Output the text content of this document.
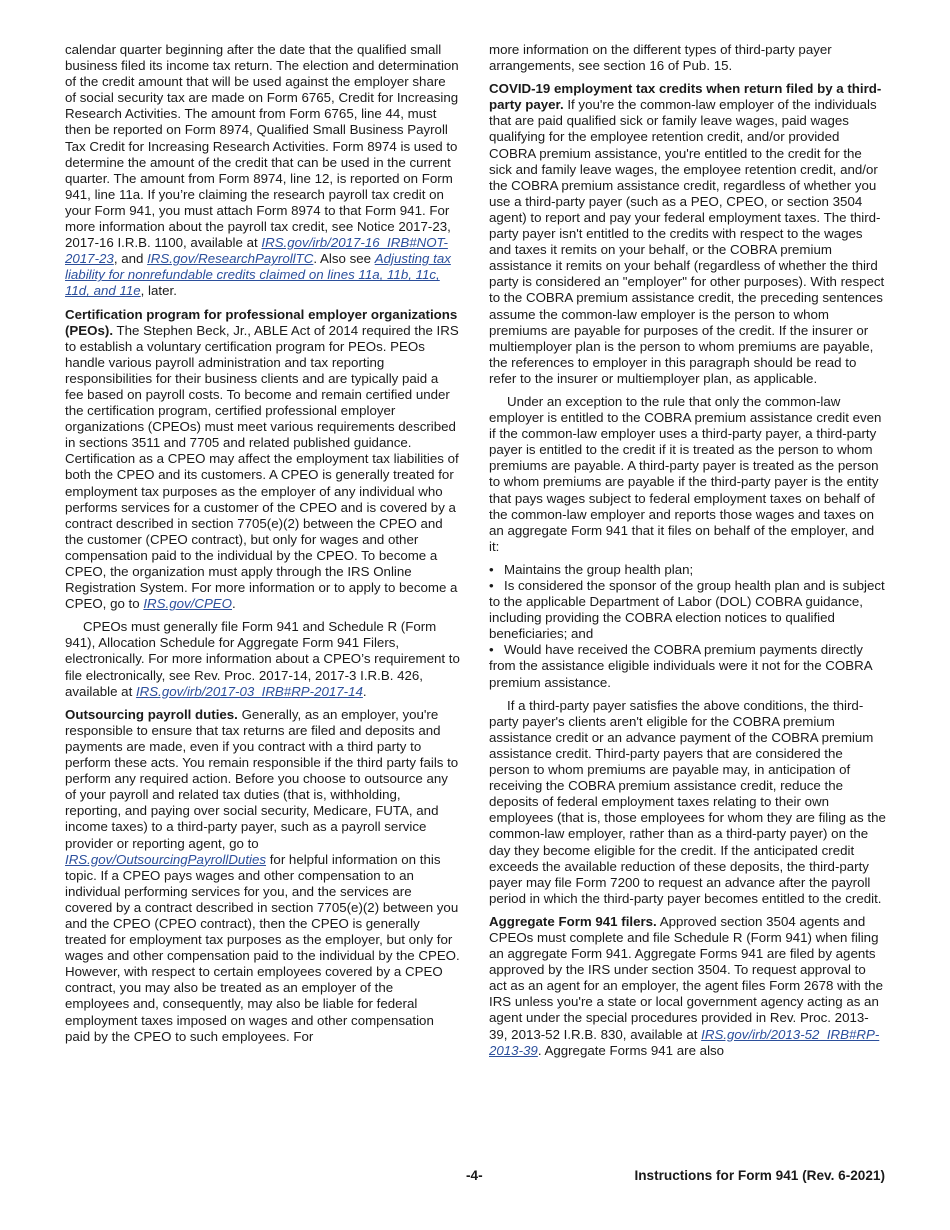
calendar quarter beginning after the date that the qualified small business filed its income tax return. The election and determination of the credit amount that will be used against the employer share of social security tax are made on Form 6765, Credit for Increasing Research Activities. The amount from Form 6765, line 44, must then be reported on Form 8974, Qualified Small Business Payroll Tax Credit for Increasing Research Activities. Form 8974 is used to determine the amount of the credit that can be used in the current quarter. The amount from Form 8974, line 12, is reported on Form 941, line 11a. If you’re claiming the research payroll tax credit on your Form 941, you must attach Form 8974 to that Form 941. For more information about the payroll tax credit, see Notice 2017-23, 2017-16 I.R.B. 1100, available at IRS.gov/irb/2017-16_IRB#NOT-2017-23, and IRS.gov/ResearchPayrollTC. Also see Adjusting tax liability for nonrefundable credits claimed on lines 11a, 11b, 11c, 11d, and 11e, later.

Certification program for professional employer organizations (PEOs). The Stephen Beck, Jr., ABLE Act of 2014 required the IRS to establish a voluntary certification program for PEOs. PEOs handle various payroll administration and tax reporting responsibilities for their business clients and are typically paid a fee based on payroll costs. To become and remain certified under the certification program, certified professional employer organizations (CPEOs) must meet various requirements described in sections 3511 and 7705 and related published guidance. Certification as a CPEO may affect the employment tax liabilities of both the CPEO and its customers. A CPEO is generally treated for employment tax purposes as the employer of any individual who performs services for a customer of the CPEO and is covered by a contract described in section 7705(e)(2) between the CPEO and the customer (CPEO contract), but only for wages and other compensation paid to the individual by the CPEO. To become a CPEO, the organization must apply through the IRS Online Registration System. For more information or to apply to become a CPEO, go to IRS.gov/CPEO.

CPEOs must generally file Form 941 and Schedule R (Form 941), Allocation Schedule for Aggregate Form 941 Filers, electronically. For more information about a CPEO’s requirement to file electronically, see Rev. Proc. 2017-14, 2017-3 I.R.B. 426, available at IRS.gov/irb/2017-03_IRB#RP-2017-14.

Outsourcing payroll duties. Generally, as an employer, you're responsible to ensure that tax returns are filed and deposits and payments are made, even if you contract with a third party to perform these acts. You remain responsible if the third party fails to perform any required action. Before you choose to outsource any of your payroll and related tax duties (that is, withholding, reporting, and paying over social security, Medicare, FUTA, and income taxes) to a third-party payer, such as a payroll service provider or reporting agent, go to IRS.gov/OutsourcingPayrollDuties for helpful information on this topic. If a CPEO pays wages and other compensation to an individual performing services for you, and the services are covered by a contract described in section 7705(e)(2) between you and the CPEO (CPEO contract), then the CPEO is generally treated for employment tax purposes as the employer, but only for wages and other compensation paid to the individual by the CPEO. However, with respect to certain employees covered by a CPEO contract, you may also be treated as an employer of the employees and, consequently, may also be liable for federal employment taxes imposed on wages and other compensation paid by the CPEO to such employees. For

more information on the different types of third-party payer arrangements, see section 16 of Pub. 15.

COVID-19 employment tax credits when return filed by a third-party payer. If you're the common-law employer of the individuals that are paid qualified sick or family leave wages, paid wages qualifying for the employee retention credit, and/or provided COBRA premium assistance, you're entitled to the credit for the sick and family leave wages, the employee retention credit, and/or the COBRA premium assistance credit, regardless of whether you use a third-party payer (such as a PEO, CPEO, or section 3504 agent) to report and pay your federal employment taxes. The third-party payer isn't entitled to the credits with respect to the wages and taxes it remits on your behalf, or the COBRA premium assistance it remits on your behalf (regardless of whether the third party is considered an "employer" for other purposes). With respect to the COBRA premium assistance credit, the preceding sentences assume the common-law employer is the person to whom premiums are payable for purposes of the credit. If the insurer or multiemployer plan is the person to whom premiums are payable, the references to employer in this paragraph should be read to refer to the insurer or multiemployer plan, as applicable.

Under an exception to the rule that only the common-law employer is entitled to the COBRA premium assistance credit even if the common-law employer uses a third-party payer, a third-party payer is entitled to the credit if it is treated as the person to whom premiums are payable. A third-party payer is treated as the person to whom premiums are payable if the third-party payer is the entity that pays wages subject to federal employment taxes on behalf of the common-law employer and reports those wages and taxes on an aggregate Form 941 that it files on behalf of the employer, and it:

• Maintains the group health plan;

• Is considered the sponsor of the group health plan and is subject to the applicable Department of Labor (DOL) COBRA guidance, including providing the COBRA election notices to qualified beneficiaries; and

• Would have received the COBRA premium payments directly from the assistance eligible individuals were it not for the COBRA premium assistance.

If a third-party payer satisfies the above conditions, the third-party payer's clients aren't eligible for the COBRA premium assistance credit or an advance payment of the COBRA premium assistance credit. Third-party payers that are considered the person to whom premiums are payable may, in anticipation of receiving the COBRA premium assistance credit, reduce the deposits of federal employment taxes relating to their own employees (that is, those employees for whom they are filing as the common-law employer, rather than as a third-party payer) on the day they become eligible for the credit. If the anticipated credit exceeds the available reduction of these deposits, the third-party payer may file Form 7200 to request an advance after the payroll period in which the third-party payer becomes entitled to the credit.

Aggregate Form 941 filers. Approved section 3504 agents and CPEOs must complete and file Schedule R (Form 941) when filing an aggregate Form 941. Aggregate Forms 941 are filed by agents approved by the IRS under section 3504. To request approval to act as an agent for an employer, the agent files Form 2678 with the IRS unless you're a state or local government agency acting as an agent under the special procedures provided in Rev. Proc. 2013-39, 2013-52 I.R.B. 830, available at IRS.gov/irb/2013-52_IRB#RP-2013-39. Aggregate Forms 941 are also

-4-	Instructions for Form 941 (Rev. 6-2021)
